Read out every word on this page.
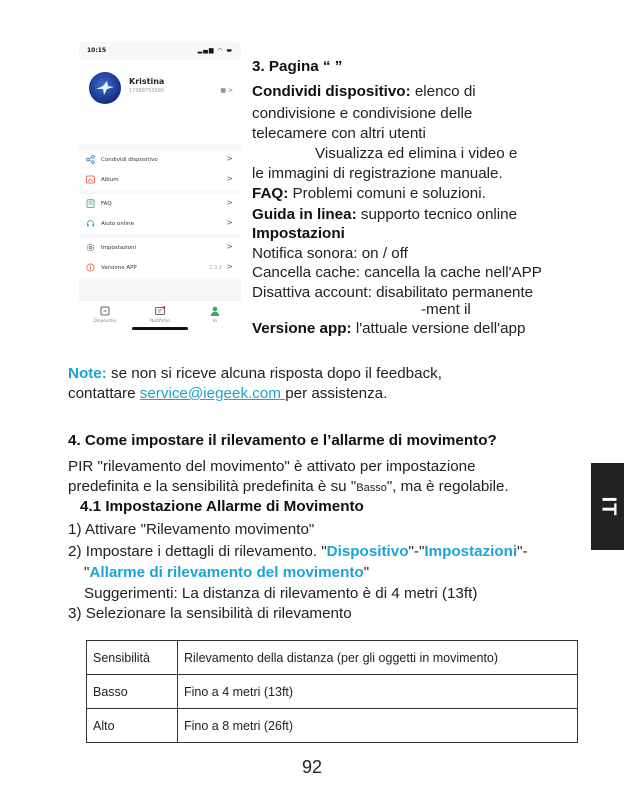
10:15	▂▄▆ ◠ ▬
Kristina
17388753590	▦ >
Condividi dispositivo	>
Album	>
FAQ	>
Aiuto online	>
Impostazioni	>
Versione APP	2.3.2 >
Dispositivi	Notifiche	Io
3. Pagina “ ”
Condividi dispositivo: elenco di
condivisione e condivisione delle
telecamere con altri utenti
Visualizza ed elimina i video e
le immagini di registrazione manuale.
FAQ: Problemi comuni e soluzioni.
Guida in linea: supporto tecnico online
Impostazioni
Notifica sonora: on / off
Cancella cache: cancella la cache nell'APP
Disattiva account: disabilitato permanente
-ment il
Versione app: l'attuale versione dell'app
Note: se non si riceve alcuna risposta dopo il feedback,
contattare service@iegeek.com per assistenza.
4. Come impostare il rilevamento e l’allarme di movimento?
PIR "rilevamento del movimento" è attivato per impostazione
predefinita e la sensibilità predefinita è su "Basso", ma è regolabile.
4.1 Impostazione Allarme di Movimento
1) Attivare "Rilevamento movimento"
2) Impostare i dettagli di rilevamento. "Dispositivo"-"Impostazioni"-
"Allarme di rilevamento del movimento"
Suggerimenti: La distanza di rilevamento è di 4 metri (13ft)
3) Selezionare la sensibilità di rilevamento
Sensibilità	Rilevamento della distanza (per gli oggetti in movimento)
Basso	Fino a 4 metri (13ft)
Alto	Fino a 8 metri (26ft)
IT
92
